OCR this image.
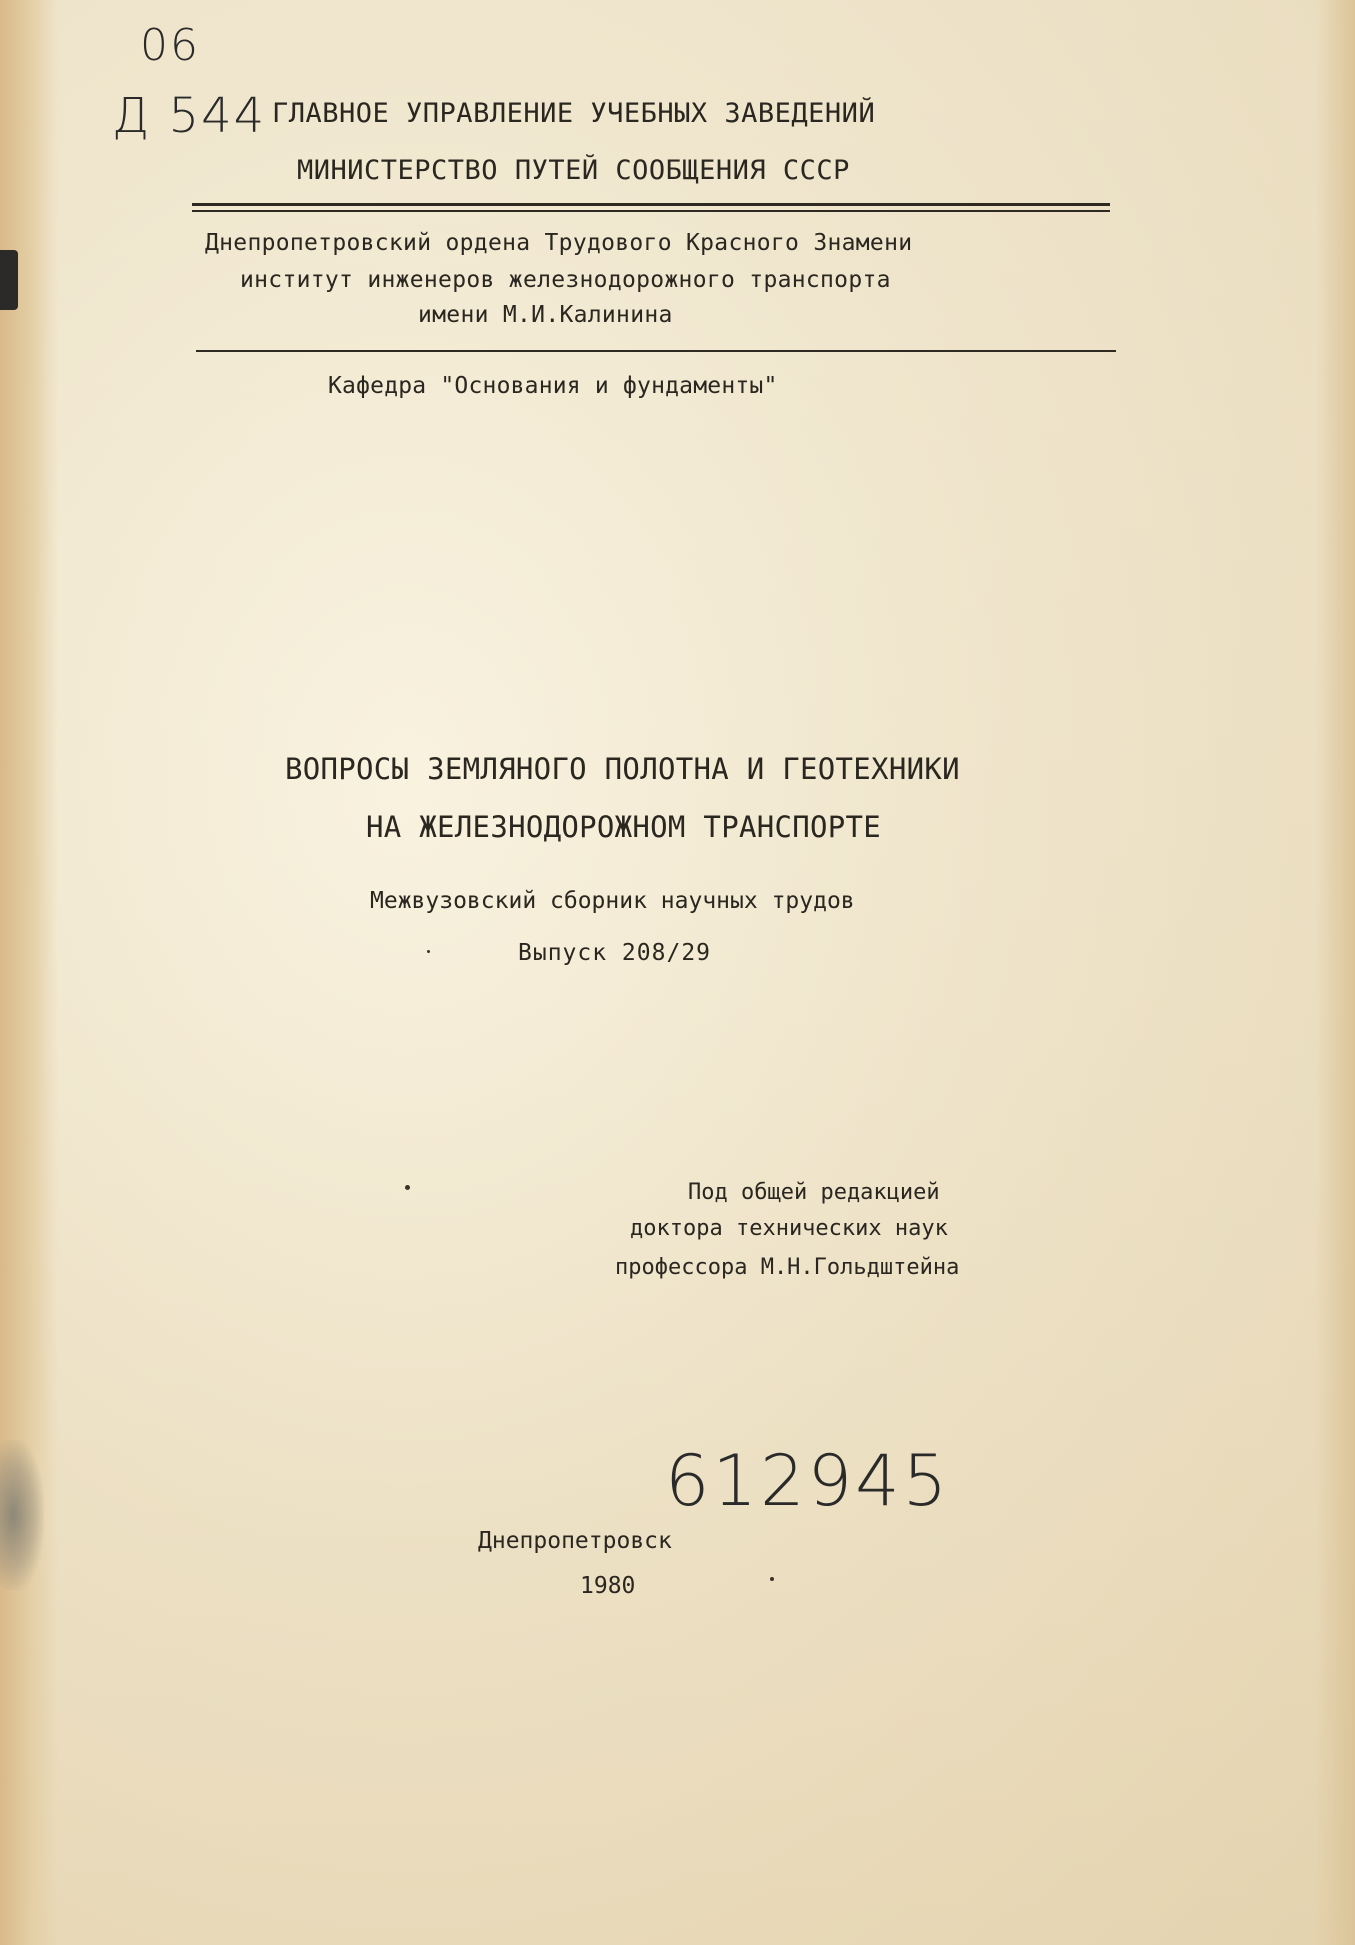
06
Д 544 ГЛАВНОЕ УПРАВЛЕНИЕ УЧЕБНЫХ ЗАВЕДЕНИЙ
МИНИСТЕРСТВО ПУТЕЙ СООБЩЕНИЯ СССР
Днепропетровский ордена Трудового Красного Знамени
институт инженеров железнодорожного транспорта
имени М.И.Калинина
Кафедра "Основания и фундаменты"
ВОПРОСЫ ЗЕМЛЯНОГО ПОЛОТНА И ГЕОТЕХНИКИ
НА ЖЕЛЕЗНОДОРОЖНОМ ТРАНСПОРТЕ
Межвузовский сборник научных трудов
Выпуск 208/29
Под общей редакцией
доктора технических наук
профессора М.Н.Гольдштейна
612945
Днепропетровск
1980
